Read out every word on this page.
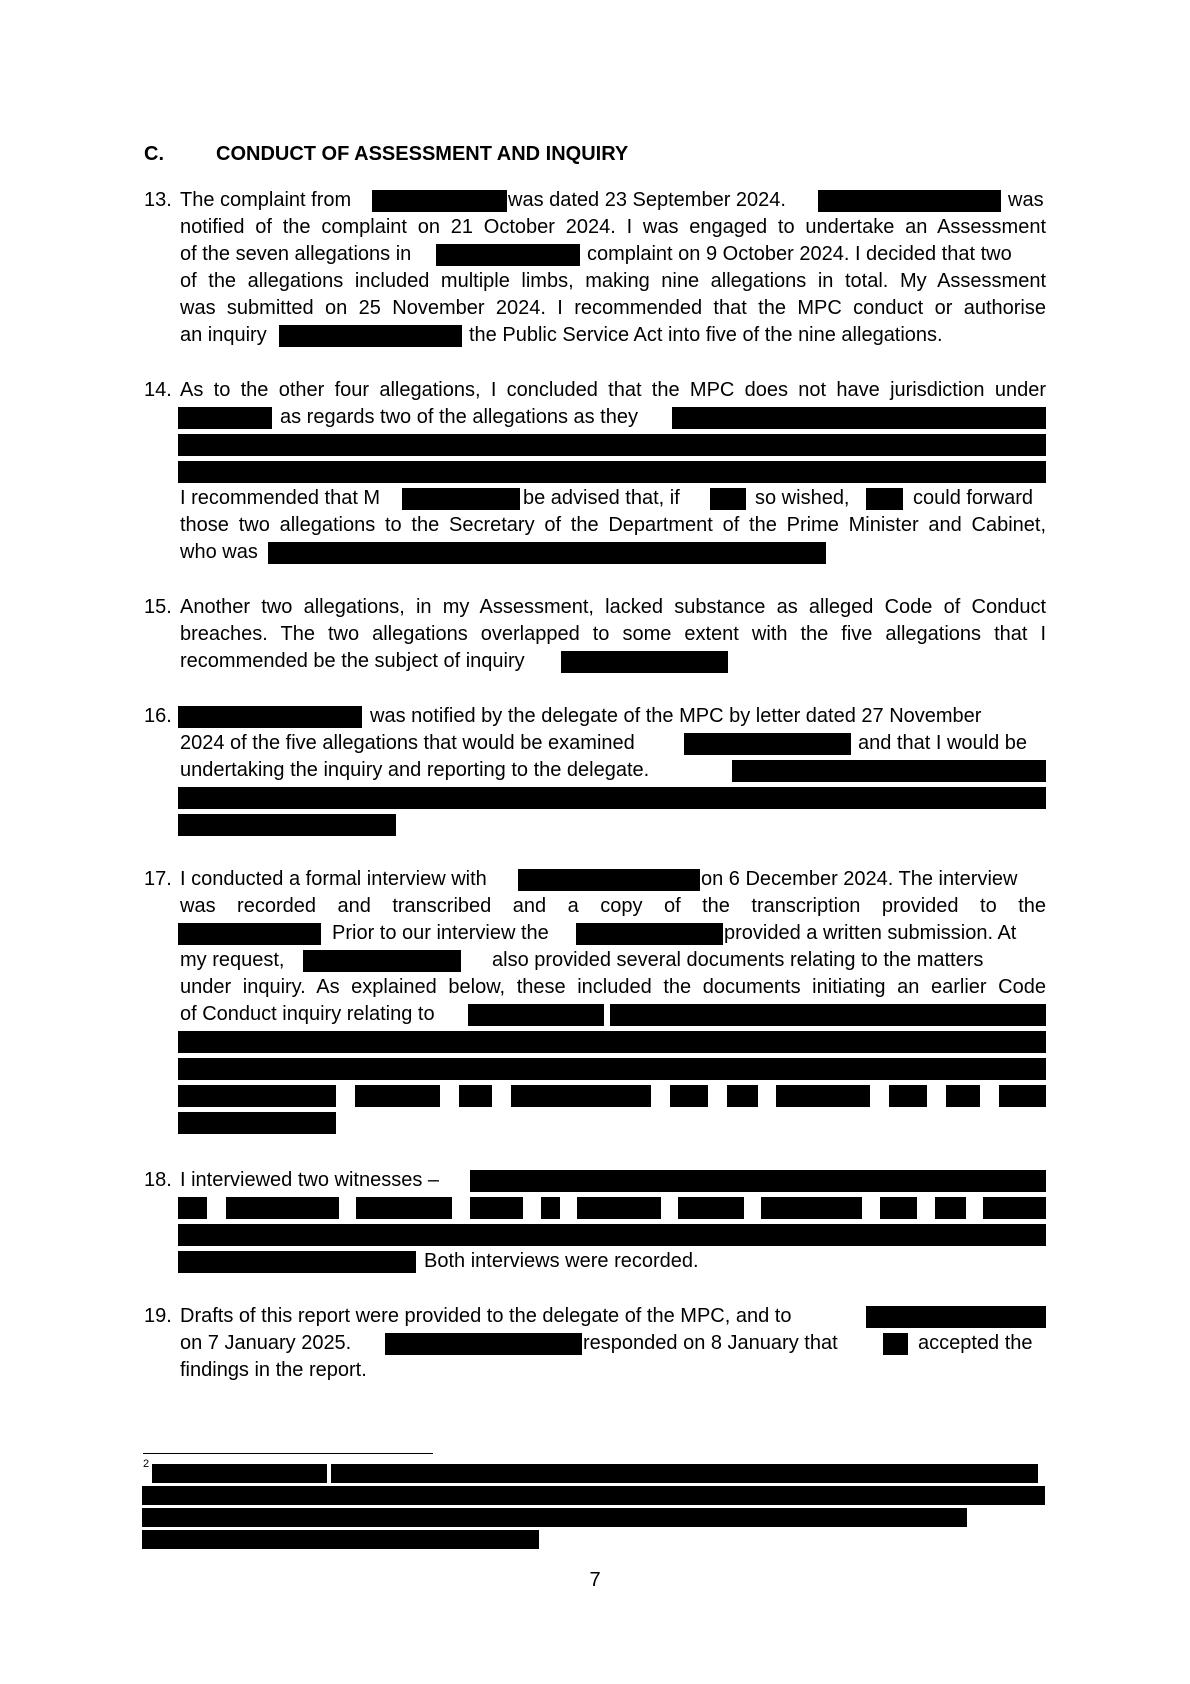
C.	CONDUCT OF ASSESSMENT AND INQUIRY
13. The complaint from	was dated 23 September 2024.	was
notified of the complaint on 21 October 2024. I was engaged to undertake an Assessment
of the seven allegations in	complaint on 9 October 2024. I decided that two
of the allegations included multiple limbs, making nine allegations in total. My Assessment
was submitted on 25 November 2024. I recommended that the MPC conduct or authorise
an inquiry	the Public Service Act into five of the nine allegations.
14. As to the other four allegations, I concluded that the MPC does not have jurisdiction under
as regards two of the allegations as they
I recommended that M	be advised that, if	so wished,	could forward
those two allegations to the Secretary of the Department of the Prime Minister and Cabinet,
who was
15. Another two allegations, in my Assessment, lacked substance as alleged Code of Conduct
breaches. The two allegations overlapped to some extent with the five allegations that I
recommended be the subject of inquiry
16.	was notified by the delegate of the MPC by letter dated 27 November
2024 of the five allegations that would be examined	and that I would be
undertaking the inquiry and reporting to the delegate.
17. I conducted a formal interview with	on 6 December 2024. The interview
was recorded and transcribed and a copy of the transcription provided to the
Prior to our interview the	provided a written submission. At
my request,	also provided several documents relating to the matters
under inquiry. As explained below, these included the documents initiating an earlier Code
of Conduct inquiry relating to
18. I interviewed two witnesses –
Both interviews were recorded.
19. Drafts of this report were provided to the delegate of the MPC, and to
on 7 January 2025.	responded on 8 January that	accepted the
findings in the report.
2
7
